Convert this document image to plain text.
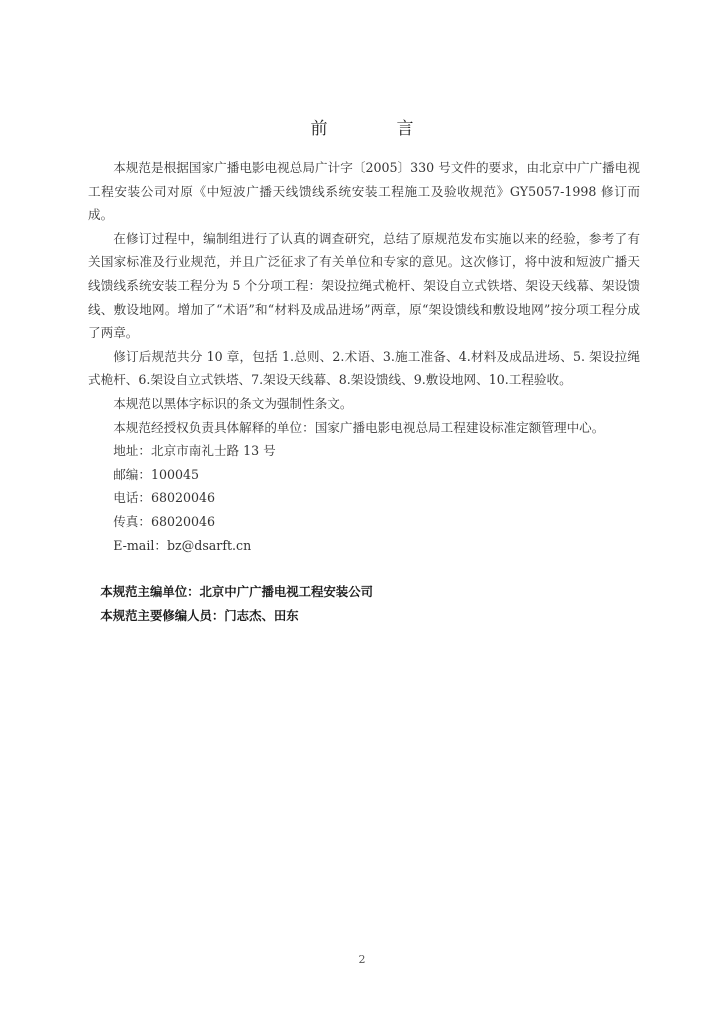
前　言

本规范是根据国家广播电影电视总局广计字〔2005〕330 号文件的要求，由北京中广广播电视工程安装公司对原《中短波广播天线馈线系统安装工程施工及验收规范》GY5057-1998 修订而成。

在修订过程中，编制组进行了认真的调查研究，总结了原规范发布实施以来的经验，参考了有关国家标准及行业规范，并且广泛征求了有关单位和专家的意见。这次修订，将中波和短波广播天线馈线系统安装工程分为 5 个分项工程：架设拉绳式桅杆、架设自立式铁塔、架设天线幕、架设馈线、敷设地网。增加了“术语”和“材料及成品进场”两章，原“架设馈线和敷设地网”按分项工程分成了两章。

修订后规范共分 10 章，包括 1.总则、2.术语、3.施工准备、4.材料及成品进场、5. 架设拉绳式桅杆、6.架设自立式铁塔、7.架设天线幕、8.架设馈线、9.敷设地网、10.工程验收。

本规范以黑体字标识的条文为强制性条文。

本规范经授权负责具体解释的单位：国家广播电影电视总局工程建设标准定额管理中心。

地址：北京市南礼士路 13 号

邮编：100045

电话：68020046

传真：68020046

E-mail：bz@dsarft.cn

本规范主编单位：北京中广广播电视工程安装公司

本规范主要修编人员：门志杰、田东

2
